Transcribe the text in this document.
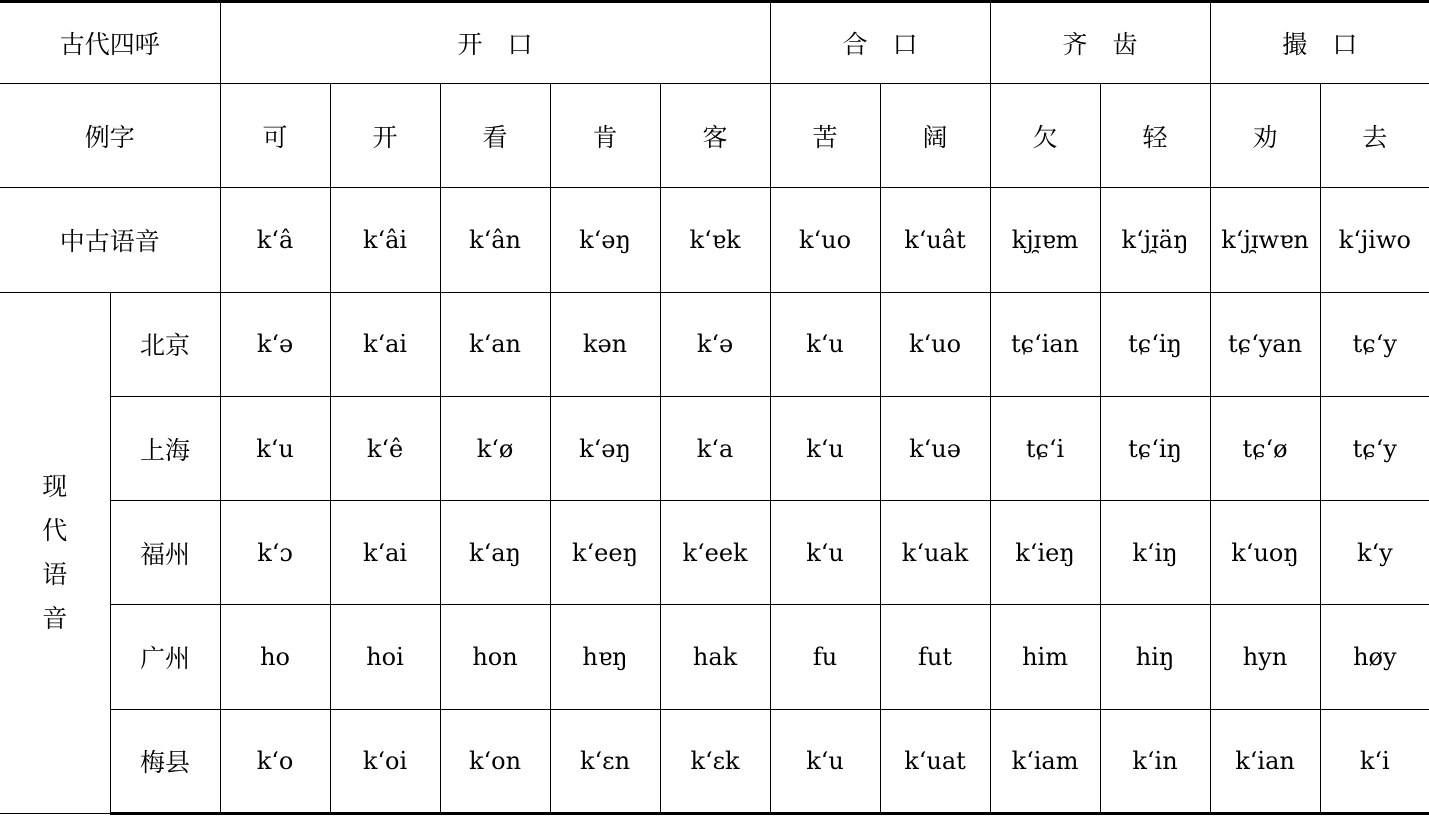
古代四呼		开　口					合　口		齐　齿		撮　口	
例字		可	开	看	肯	客	苦	阔	欠	轻	劝	去
中古语音		k‘â	k‘âi	k‘ân	k‘əŋ	k‘ɐk	k‘uo	k‘uât	kjɪ̯ɐm	k‘jɪ̯äŋ	k‘jɪ̯wɐn	k‘jiwo
现代语音	北京	k‘ə	k‘ai	k‘an	kən	k‘ə	k‘u	k‘uo	tɕ‘ian	tɕ‘iŋ	tɕ‘yan	tɕ‘y
	上海	k‘u	k‘ê	k‘ø	k‘əŋ	k‘a	k‘u	k‘uə	tɕ‘i	tɕ‘iŋ	tɕ‘ø	tɕ‘y
	福州	k‘ɔ	k‘ai	k‘aŋ	k‘eeŋ	k‘eek	k‘u	k‘uak	k‘ieŋ	k‘iŋ	k‘uoŋ	k‘y
	广州	ho	hoi	hon	hɐŋ	hak	fu	fut	him	hiŋ	hyn	høy
	梅县	k‘o	k‘oi	k‘on	k‘ɛn	k‘ɛk	k‘u	k‘uat	k‘iam	k‘in	k‘ian	k‘i
